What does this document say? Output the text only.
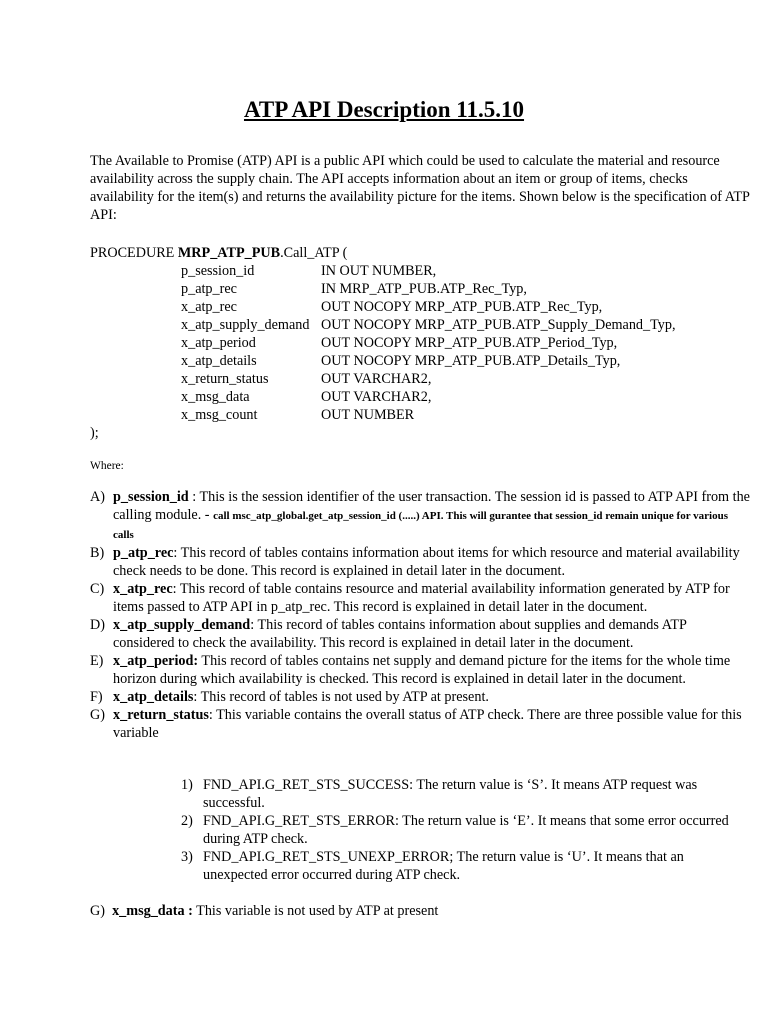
ATP API Description 11.5.10
The Available to Promise (ATP) API is a public API which could be used to calculate the material and resource availability across the supply chain. The API accepts information about an item or group of items, checks availability for the item(s) and returns the availability picture for the items. Shown below is the specification of ATP API:
PROCEDURE MRP_ATP_PUB.Call_ATP (
p_session_id	IN OUT NUMBER,
p_atp_rec	IN MRP_ATP_PUB.ATP_Rec_Typ,
x_atp_rec	OUT NOCOPY MRP_ATP_PUB.ATP_Rec_Typ,
x_atp_supply_demand OUT NOCOPY MRP_ATP_PUB.ATP_Supply_Demand_Typ,
x_atp_period	OUT NOCOPY MRP_ATP_PUB.ATP_Period_Typ,
x_atp_details	OUT NOCOPY MRP_ATP_PUB.ATP_Details_Typ,
x_return_status	OUT VARCHAR2,
x_msg_data	OUT VARCHAR2,
x_msg_count	OUT NUMBER
);
Where:
A) p_session_id : This is the session identifier of the user transaction. The session id is passed to ATP API from the calling module. - call msc_atp_global.get_atp_session_id (.....) API. This will gurantee that session_id remain unique for various calls
B) p_atp_rec: This record of tables contains information about items for which resource and material availability check needs to be done. This record is explained in detail later in the document.
C) x_atp_rec: This record of table contains resource and material availability information generated by ATP for items passed to ATP API in p_atp_rec. This record is explained in detail later in the document.
D) x_atp_supply_demand: This record of tables contains information about supplies and demands ATP considered to check the availability. This record is explained in detail later in the document.
E) x_atp_period: This record of tables contains net supply and demand picture for the items for the whole time horizon during which availability is checked. This record is explained in detail later in the document.
F) x_atp_details: This record of tables is not used by ATP at present.
G) x_return_status: This variable contains the overall status of ATP check. There are three possible value for this variable
1) FND_API.G_RET_STS_SUCCESS: The return value is ‘S’. It means ATP request was successful.
2) FND_API.G_RET_STS_ERROR: The return value is ‘E’. It means that some error occurred during ATP check.
3) FND_API.G_RET_STS_UNEXP_ERROR; The return value is ‘U’. It means that an unexpected error occurred during ATP check.
G) x_msg_data : This variable is not used by ATP at present
